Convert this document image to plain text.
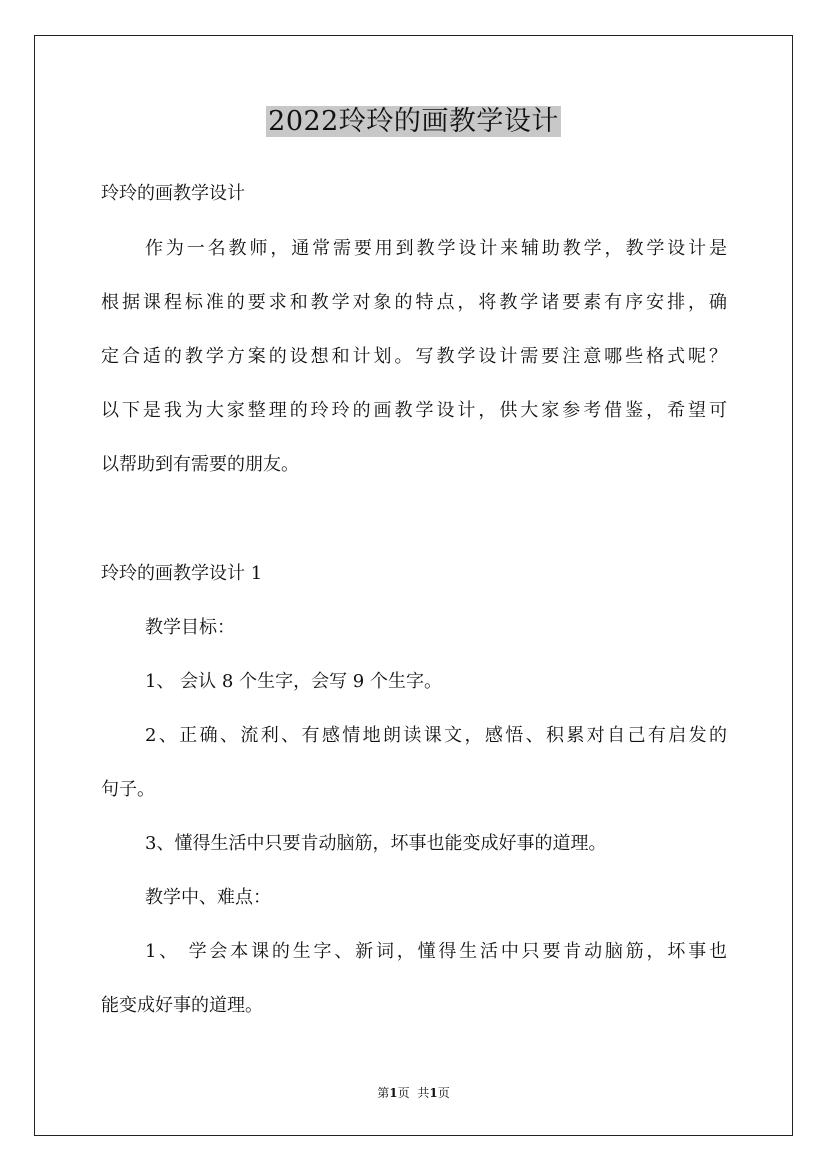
2022玲玲的画教学设计

玲玲的画教学设计

作为一名教师，通常需要用到教学设计来辅助教学，教学设计是

根据课程标准的要求和教学对象的特点，将教学诸要素有序安排，确

定合适的教学方案的设想和计划。写教学设计需要注意哪些格式呢？

以下是我为大家整理的玲玲的画教学设计，供大家参考借鉴，希望可

以帮助到有需要的朋友。

玲玲的画教学设计 1

教学目标：

1、 会认 8 个生字，会写 9 个生字。

2、正确、流利、有感情地朗读课文，感悟、积累对自己有启发的

句子。

3、懂得生活中只要肯动脑筋，坏事也能变成好事的道理。

教学中、难点：

1、 学会本课的生字、新词，懂得生活中只要肯动脑筋，坏事也

能变成好事的道理。

第1页 共1页
